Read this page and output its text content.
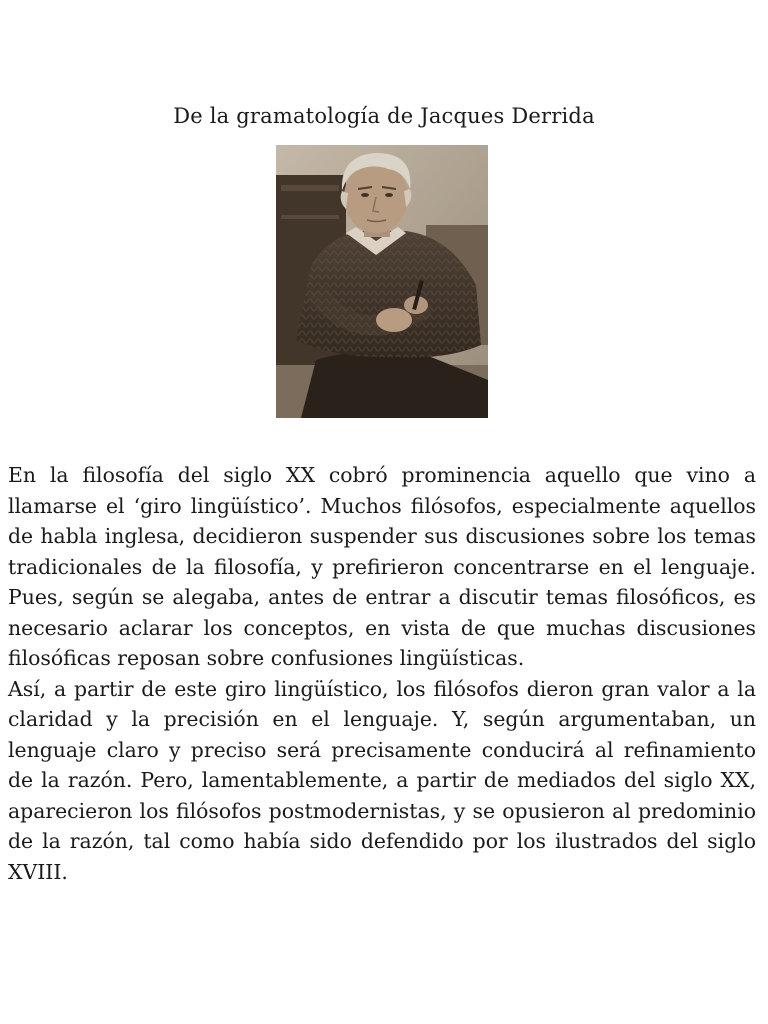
De la gramatología de Jacques Derrida

En la filosofía del siglo XX cobró prominencia aquello que vino a llamarse el ‘giro lingüístico’. Muchos filósofos, especialmente aquellos de habla inglesa, decidieron suspender sus discusiones sobre los temas tradicionales de la filosofía, y prefirieron concentrarse en el lenguaje. Pues, según se alegaba, antes de entrar a discutir temas filosóficos, es necesario aclarar los conceptos, en vista de que muchas discusiones filosóficas reposan sobre confusiones lingüísticas.

Así, a partir de este giro lingüístico, los filósofos dieron gran valor a la claridad y la precisión en el lenguaje. Y, según argumentaban, un lenguaje claro y preciso será precisamente conducirá al refinamiento de la razón. Pero, lamentablemente, a partir de mediados del siglo XX, aparecieron los filósofos postmodernistas, y se opusieron al predominio de la razón, tal como había sido defendido por los ilustrados del siglo XVIII.
